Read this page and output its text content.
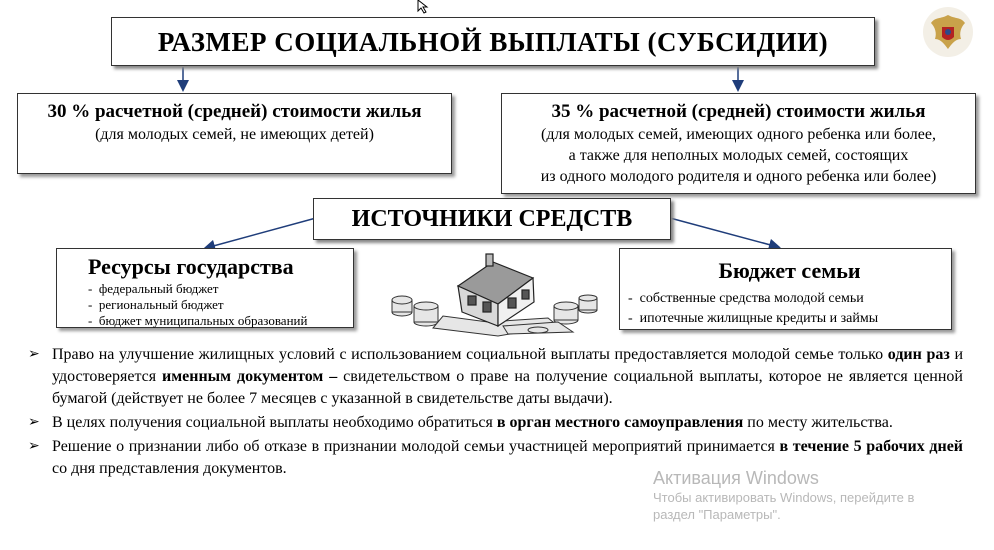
РАЗМЕР СОЦИАЛЬНОЙ ВЫПЛАТЫ (СУБСИДИИ)
30 % расчетной (средней) стоимости жилья
(для молодых семей, не имеющих детей)
35 % расчетной (средней) стоимости жилья
(для молодых семей, имеющих одного ребенка или более,
а также для неполных молодых семей, состоящих
из одного молодого родителя и одного ребенка или более)
ИСТОЧНИКИ СРЕДСТВ
Ресурсы государства
-  федеральный бюджет
-  региональный бюджет
-  бюджет муниципальных образований
Бюджет семьи
-  собственные средства молодой семьи
-  ипотечные жилищные кредиты и займы
➢ Право на улучшение жилищных условий с использованием социальной выплаты предоставляется молодой семье только один раз и удостоверяется именным документом – свидетельством о праве на получение социальной выплаты, которое не является ценной бумагой (действует не более 7 месяцев с указанной в свидетельстве даты выдачи).
➢ В целях получения социальной выплаты необходимо обратиться в орган местного самоуправления по месту жительства.
➢ Решение о признании либо об отказе в признании молодой семьи участницей мероприятий принимается в течение 5 рабочих дней со дня представления документов.	Активация Windows
Чтобы активировать Windows, перейдите в
раздел "Параметры".
